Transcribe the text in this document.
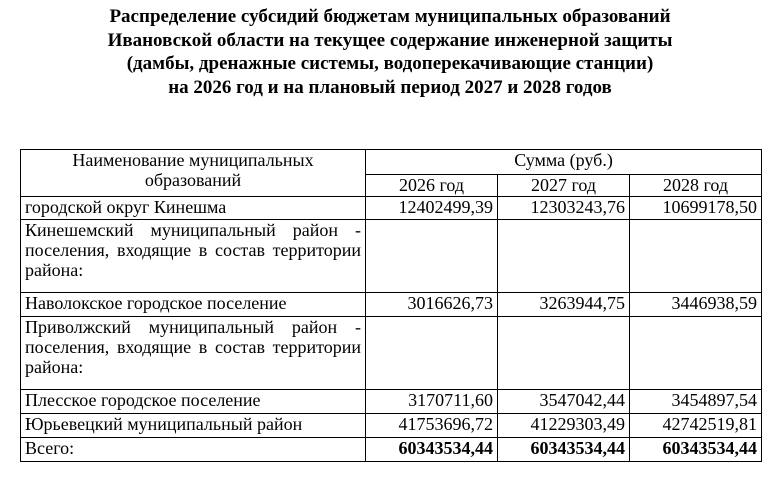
Распределение субсидий бюджетам муниципальных образований
Ивановской области на текущее содержание инженерной защиты
(дамбы, дренажные системы, водоперекачивающие станции)
на 2026 год и на плановый период 2027 и 2028 годов
Наименование муниципальных образований	Сумма (руб.)		
	2026 год	2027 год	2028 год
городской округ Кинешма	12402499,39	12303243,76	10699178,50
Кинешемский муниципальный район - поселения, входящие в состав территории района:			
Наволокское городское поселение	3016626,73	3263944,75	3446938,59
Приволжский муниципальный район - поселения, входящие в состав территории района:			
Плесское городское поселение	3170711,60	3547042,44	3454897,54
Юрьевецкий муниципальный район	41753696,72	41229303,49	42742519,81
Всего:	60343534,44	60343534,44	60343534,44
